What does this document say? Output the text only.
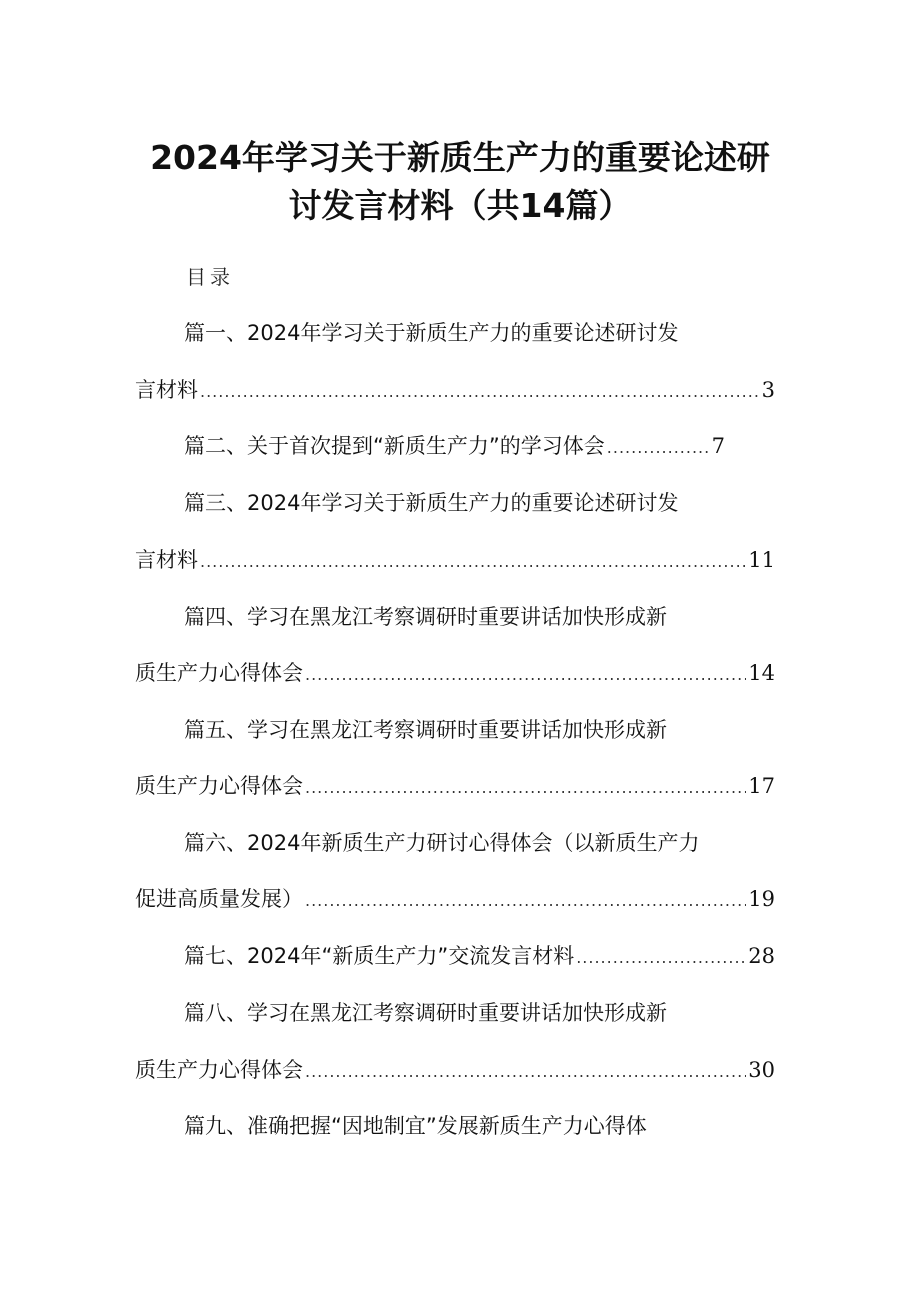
2024年学习关于新质生产力的重要论述研
讨发言材料（共14篇）
目录
篇一、2024年学习关于新质生产力的重要论述研讨发
言材料 .....	3
篇二、关于首次提到“新质生产力”的学习体会 .....	7
篇三、2024年学习关于新质生产力的重要论述研讨发
言材料 .....	11
篇四、学习在黑龙江考察调研时重要讲话加快形成新
质生产力心得体会 .....	14
篇五、学习在黑龙江考察调研时重要讲话加快形成新
质生产力心得体会 .....	17
篇六、2024年新质生产力研讨心得体会（以新质生产力
促进高质量发展） .....	19
篇七、2024年“新质生产力”交流发言材料 .....	28
篇八、学习在黑龙江考察调研时重要讲话加快形成新
质生产力心得体会 .....	30
篇九、准确把握“因地制宜”发展新质生产力心得体
